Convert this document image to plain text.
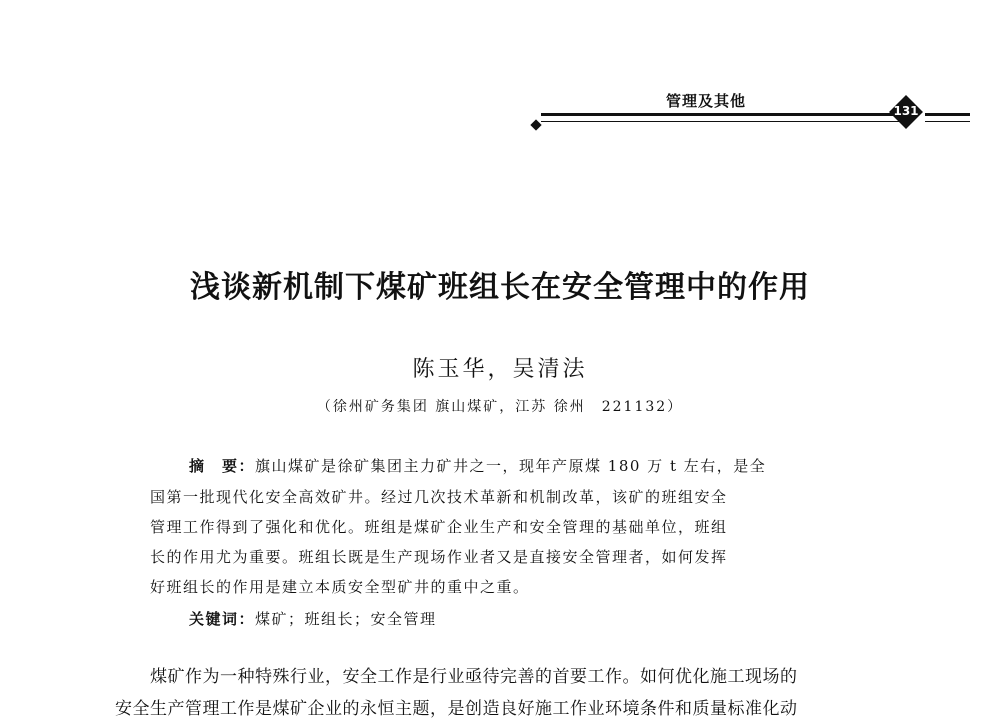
管理及其他
131
浅谈新机制下煤矿班组长在安全管理中的作用
陈玉华，吴清法
（徐州矿务集团 旗山煤矿，江苏 徐州　221132）
摘　要：旗山煤矿是徐矿集团主力矿井之一，现年产原煤 180 万 t 左右，是全
国第一批现代化安全高效矿井。经过几次技术革新和机制改革，该矿的班组安全
管理工作得到了强化和优化。班组是煤矿企业生产和安全管理的基础单位，班组
长的作用尤为重要。班组长既是生产现场作业者又是直接安全管理者，如何发挥
好班组长的作用是建立本质安全型矿井的重中之重。
关键词：煤矿；班组长；安全管理
煤矿作为一种特殊行业，安全工作是行业亟待完善的首要工作。如何优化施工现场的
安全生产管理工作是煤矿企业的永恒主题，是创造良好施工作业环境条件和质量标准化动
